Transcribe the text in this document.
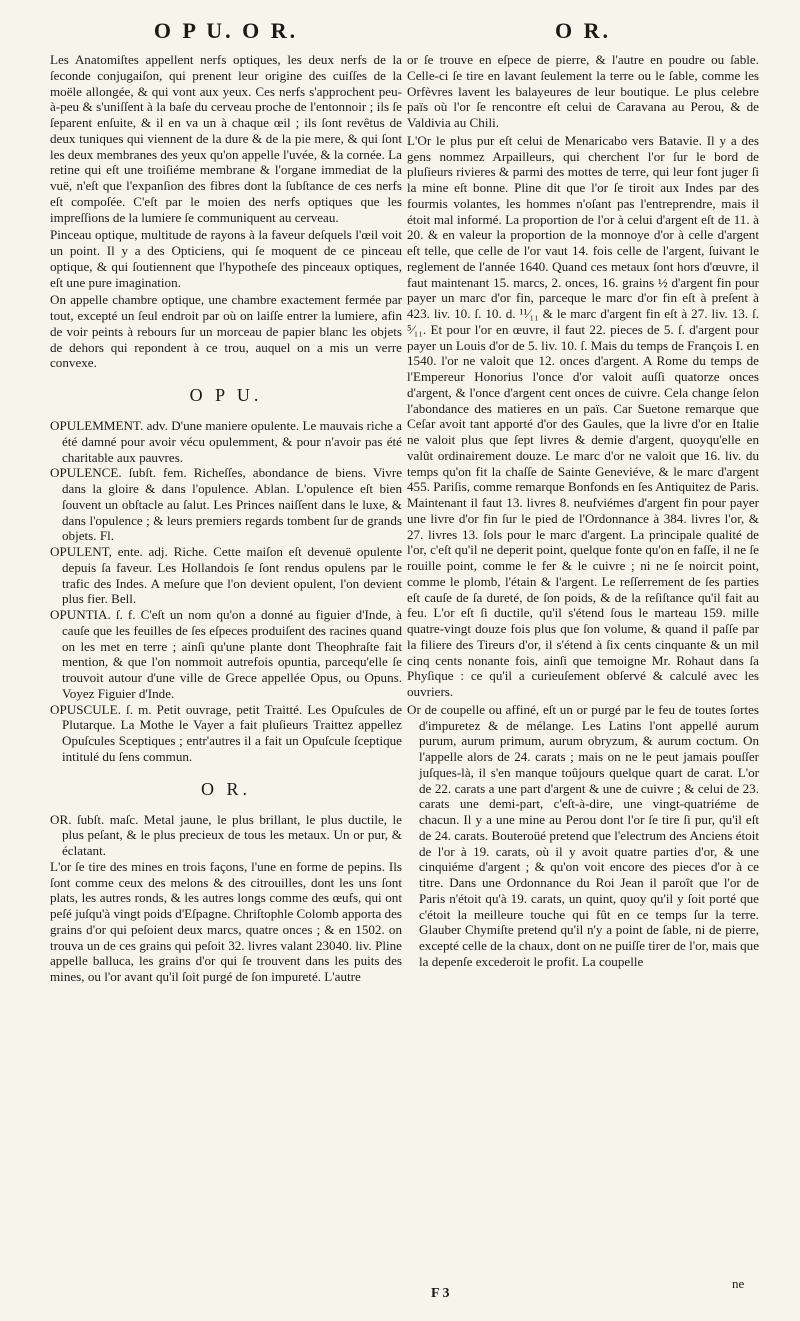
O P U. O R.	O R.

Les Anatomiſtes appellent nerfs optiques, les deux nerfs de la ſeconde conjugaiſon, qui prenent leur origine des cuiſſes de la moële allongée, & qui vont aux yeux. Ces nerfs s'approchent peu-à-peu & s'uniſſent à la baſe du cerveau proche de l'entonnoir ; ils ſe ſeparent enſuite, & il en va un à chaque œil ; ils ſont revêtus de deux tuniques qui viennent de la dure & de la pie mere, & qui ſont les deux membranes des yeux qu'on appelle l'uvée, & la cornée. La retine qui eſt une troiſiéme membrane & l'organe immediat de la vuë, n'eſt que l'expanſion des fibres dont la ſubſtance de ces nerfs eſt compoſée. C'eſt par le moien des nerfs optiques que les impreſſions de la lumiere ſe communiquent au cerveau.

Pinceau optique, multitude de rayons à la faveur deſquels l'œil voit un point. Il y a des Opticiens, qui ſe moquent de ce pinceau optique, & qui ſoutiennent que l'hypotheſe des pinceaux optiques, eſt une pure imagination.

On appelle chambre optique, une chambre exactement fermée par tout, excepté un ſeul endroit par où on laiſſe entrer la lumiere, afin de voir peints à rebours ſur un morceau de papier blanc les objets de dehors qui repondent à ce trou, auquel on a mis un verre convexe.

O P U.

OPULEMMENT. adv. D'une maniere opulente. Le mauvais riche a été damné pour avoir vécu opulemment, & pour n'avoir pas été charitable aux pauvres.

OPULENCE. ſubſt. fem. Richeſſes, abondance de biens. Vivre dans la gloire & dans l'opulence. Ablan. L'opulence eſt bien ſouvent un obſtacle au ſalut. Les Princes naiſſent dans le luxe, & dans l'opulence ; & leurs premiers regards tombent ſur de grands objets. Fl.

OPULENT, ente. adj. Riche. Cette maiſon eſt devenuë opulente depuis ſa faveur. Les Hollandois ſe ſont rendus opulens par le trafic des Indes. A meſure que l'on devient opulent, l'on devient plus fier. Bell.

OPUNTIA. ſ. f. C'eſt un nom qu'on a donné au figuier d'Inde, à cauſe que les feuilles de ſes eſpeces produiſent des racines quand on les met en terre ; ainſi qu'une plante dont Theophraſte fait mention, & que l'on nommoit autrefois opuntia, parcequ'elle ſe trouvoit autour d'une ville de Grece appellée Opus, ou Opuns. Voyez Figuier d'Inde.

OPUSCULE. ſ. m. Petit ouvrage, petit Traitté. Les Opuſcules de Plutarque. La Mothe le Vayer a fait pluſieurs Traittez appellez Opuſcules Sceptiques ; entr'autres il a fait un Opuſcule ſceptique intitulé du ſens commun.

O R.

OR. ſubſt. maſc. Metal jaune, le plus brillant, le plus ductile, le plus peſant, & le plus precieux de tous les metaux. Un or pur, & éclatant.

L'or ſe tire des mines en trois façons, l'une en forme de pepins. Ils ſont comme ceux des melons & des citrouilles, dont les uns ſont plats, les autres ronds, & les autres longs comme des œufs, qui ont peſé juſqu'à vingt poids d'Eſpagne. Chriſtophle Colomb apporta des grains d'or qui peſoient deux marcs, quatre onces ; & en 1502. on trouva un de ces grains qui peſoit 32. livres valant 23040. liv. Pline appelle balluca, les grains d'or qui ſe trouvent dans les puits des mines, ou l'or avant qu'il ſoit purgé de ſon impureté. L'autre

or ſe trouve en eſpece de pierre, & l'autre en poudre ou ſable. Celle-ci ſe tire en lavant ſeulement la terre ou le ſable, comme les Orfèvres lavent les balayeures de leur boutique. Le plus celebre païs où l'or ſe rencontre eſt celui de Caravana au Perou, & de Valdivia au Chili.

L'Or le plus pur eſt celui de Menaricabo vers Batavie. Il y a des gens nommez Arpailleurs, qui cherchent l'or ſur le bord de pluſieurs rivieres & parmi des mottes de terre, qui leur font juger ſi la mine eſt bonne. Pline dit que l'or ſe tiroit aux Indes par des fourmis volantes, les hommes n'oſant pas l'entreprendre, mais il étoit mal informé. La proportion de l'or à celui d'argent eſt de 11. à 20. & en valeur la proportion de la monnoye d'or à celle d'argent eſt telle, que celle de l'or vaut 14. fois celle de l'argent, ſuivant le reglement de l'année 1640. Quand ces metaux ſont hors d'œuvre, il faut maintenant 15. marcs, 2. onces, 16. grains ½ d'argent fin pour payer un marc d'or fin, parceque le marc d'or fin eſt à preſent à 423. liv. 10. ſ. 10. d. ¹¹⁄₁₁ & le marc d'argent fin eſt à 27. liv. 13. ſ. ⁵⁄₁₁. Et pour l'or en œuvre, il faut 22. pieces de 5. ſ. d'argent pour payer un Louis d'or de 5. liv. 10. ſ. Mais du temps de François I. en 1540. l'or ne valoit que 12. onces d'argent. A Rome du temps de l'Empereur Honorius l'once d'or valoit auſſi quatorze onces d'argent, & l'once d'argent cent onces de cuivre. Cela change ſelon l'abondance des matieres en un païs. Car Suetone remarque que Ceſar avoit tant apporté d'or des Gaules, que la livre d'or en Italie ne valoit plus que ſept livres & demie d'argent, quoyqu'elle en valût ordinairement douze. Le marc d'or ne valoit que 16. liv. du temps qu'on fit la chaſſe de Sainte Geneviéve, & le marc d'argent 455. Pariſis, comme remarque Bonfonds en ſes Antiquitez de Paris. Maintenant il faut 13. livres 8. neufviémes d'argent fin pour payer une livre d'or fin ſur le pied de l'Ordonnance à 384. livres l'or, & 27. livres 13. ſols pour le marc d'argent. La principale qualité de l'or, c'eſt qu'il ne deperit point, quelque fonte qu'on en faſſe, il ne ſe rouille point, comme le fer & le cuivre ; ni ne ſe noircit point, comme le plomb, l'étain & l'argent. Le reſſerrement de ſes parties eſt cauſe de ſa dureté, de ſon poids, & de la reſiſtance qu'il fait au feu. L'or eſt ſi ductile, qu'il s'étend ſous le marteau 159. mille quatre-vingt douze fois plus que ſon volume, & quand il paſſe par la filiere des Tireurs d'or, il s'étend à ſix cents cinquante & un mil cinq cents nonante fois, ainſi que temoigne Mr. Rohaut dans ſa Phyſique : ce qu'il a curieuſement obſervé & calculé avec les ouvriers.

Or de coupelle ou affiné, eſt un or purgé par le feu de toutes ſortes d'impuretez & de mélange. Les Latins l'ont appellé aurum purum, aurum primum, aurum obryzum, & aurum coctum. On l'appelle alors de 24. carats ; mais on ne le peut jamais pouſſer juſques-là, il s'en manque toûjours quelque quart de carat. L'or de 22. carats a une part d'argent & une de cuivre ; & celui de 23. carats une demi-part, c'eſt-à-dire, une vingt-quatriéme de chacun. Il y a une mine au Perou dont l'or ſe tire ſi pur, qu'il eſt de 24. carats. Bouteroüé pretend que l'electrum des Anciens étoit de l'or à 19. carats, où il y avoit quatre parties d'or, & une cinquiéme d'argent ; & qu'on voit encore des pieces d'or à ce titre. Dans une Ordonnance du Roi Jean il paroît que l'or de Paris n'étoit qu'à 19. carats, un quint, quoy qu'il y ſoit porté que c'étoit la meilleure touche qui fût en ce temps ſur la terre. Glauber Chymiſte pretend qu'il n'y a point de ſable, ni de pierre, excepté celle de la chaux, dont on ne puiſſe tirer de l'or, mais que la depenſe excederoit le profit. La coupelle

F 3
ne
